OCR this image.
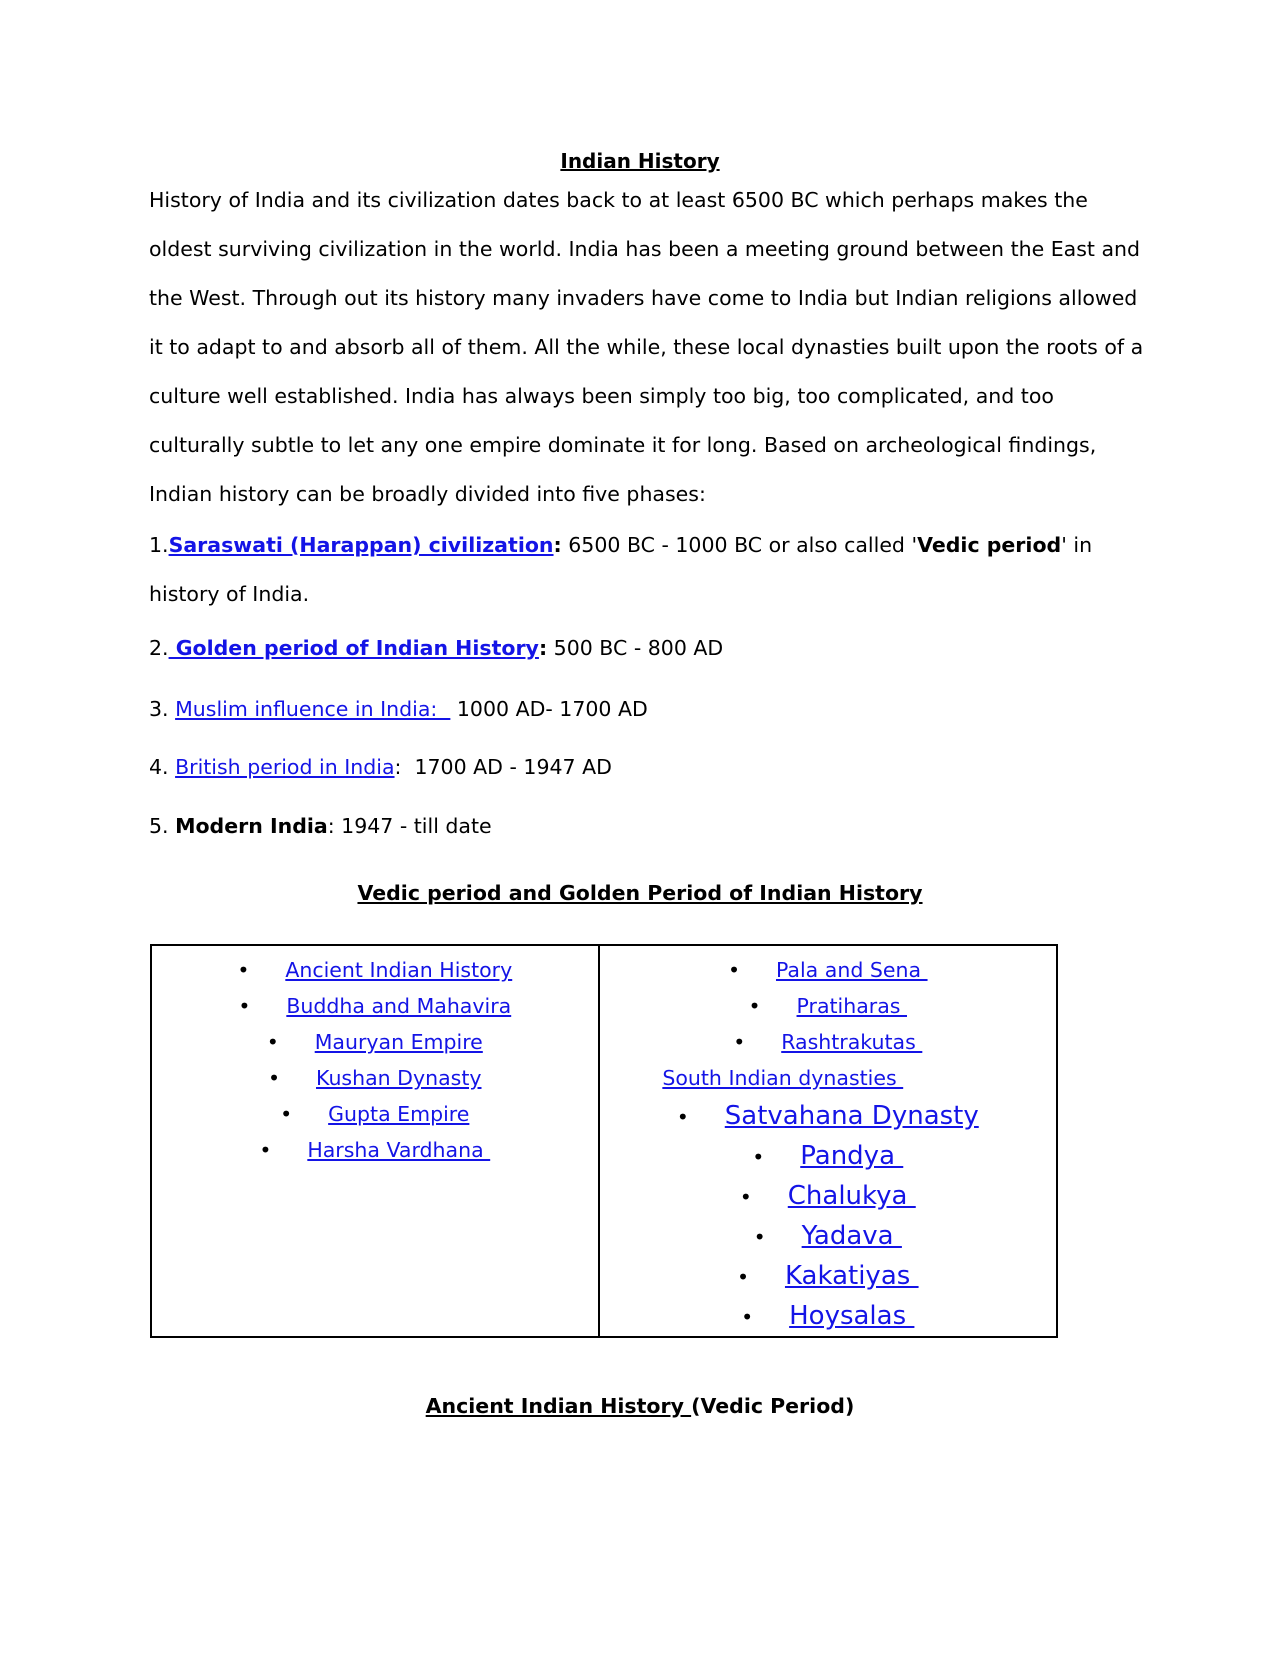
Indian History

History of India and its civilization dates back to at least 6500 BC which perhaps makes the oldest surviving civilization in the world. India has been a meeting ground between the East and the West. Through out its history many invaders have come to India but Indian religions allowed it to adapt to and absorb all of them. All the while, these local dynasties built upon the roots of a culture well established. India has always been simply too big, too complicated, and too culturally subtle to let any one empire dominate it for long. Based on archeological findings, Indian history can be broadly divided into five phases:

1.Saraswati (Harappan) civilization: 6500 BC - 1000 BC or also called 'Vedic period' in history of India.

2. Golden period of Indian History: 500 BC - 800 AD

3. Muslim influence in India:   1000 AD- 1700 AD

4. British period in India:  1700 AD - 1947 AD

5. Modern India: 1947 - till date

Vedic period and Golden Period of Indian History
• Ancient Indian History
• Buddha and Mahavira
• Mauryan Empire
• Kushan Dynasty
• Gupta Empire
• Harsha Vardhana

• Pala and Sena
• Pratiharas
• Rashtrakutas
South Indian dynasties
• Satvahana Dynasty
• Pandya
• Chalukya
• Yadava
• Kakatiyas
• Hoysalas
Ancient Indian History (Vedic Period)
